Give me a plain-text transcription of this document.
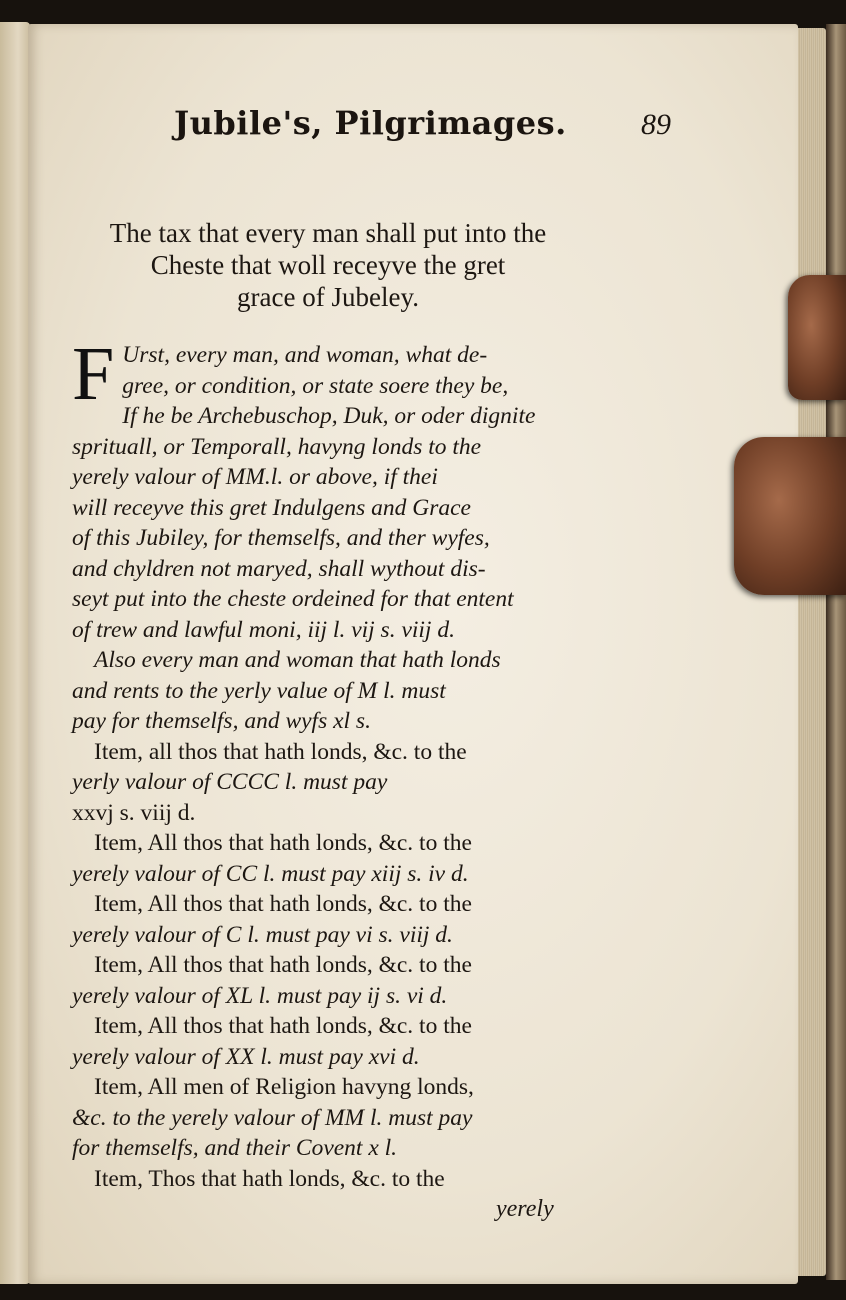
Jubile's, Pilgrimages.	89
The tax that every man shall put into the
Cheste that woll receyve the gret
grace of Jubeley.
F Urst, every man, and woman, what de-
gree, or condition, or state soere they be,
If he be Archebuschop, Duk, or oder dignite
sprituall, or Temporall, havyng londs to the
yerely valour of MM.l. or above, if thei
will receyve this gret Indulgens and Grace
of this Jubiley, for themselfs, and ther wyfes,
and chyldren not maryed, shall wythout dis-
seyt put into the cheste ordeined for that entent
of trew and lawful moni, iij l. vij s. viij d.
Also every man and woman that hath londs
and rents to the yerly value of M l. must
pay for themselfs, and wyfs xl s.
Item, all thos that hath londs, &c. to the
yerly valour of CCCC l. must pay
xxvj s. viij d.
Item, All thos that hath londs, &c. to the
yerely valour of CC l. must pay xiij s. iv d.
Item, All thos that hath londs, &c. to the
yerely valour of C l. must pay vi s. viij d.
Item, All thos that hath londs, &c. to the
yerely valour of XL l. must pay ij s. vi d.
Item, All thos that hath londs, &c. to the
yerely valour of XX l. must pay xvi d.
Item, All men of Religion havyng londs,
&c. to the yerely valour of MM l. must pay
for themselfs, and their Covent x l.
Item, Thos that hath londs, &c. to the
yerely
